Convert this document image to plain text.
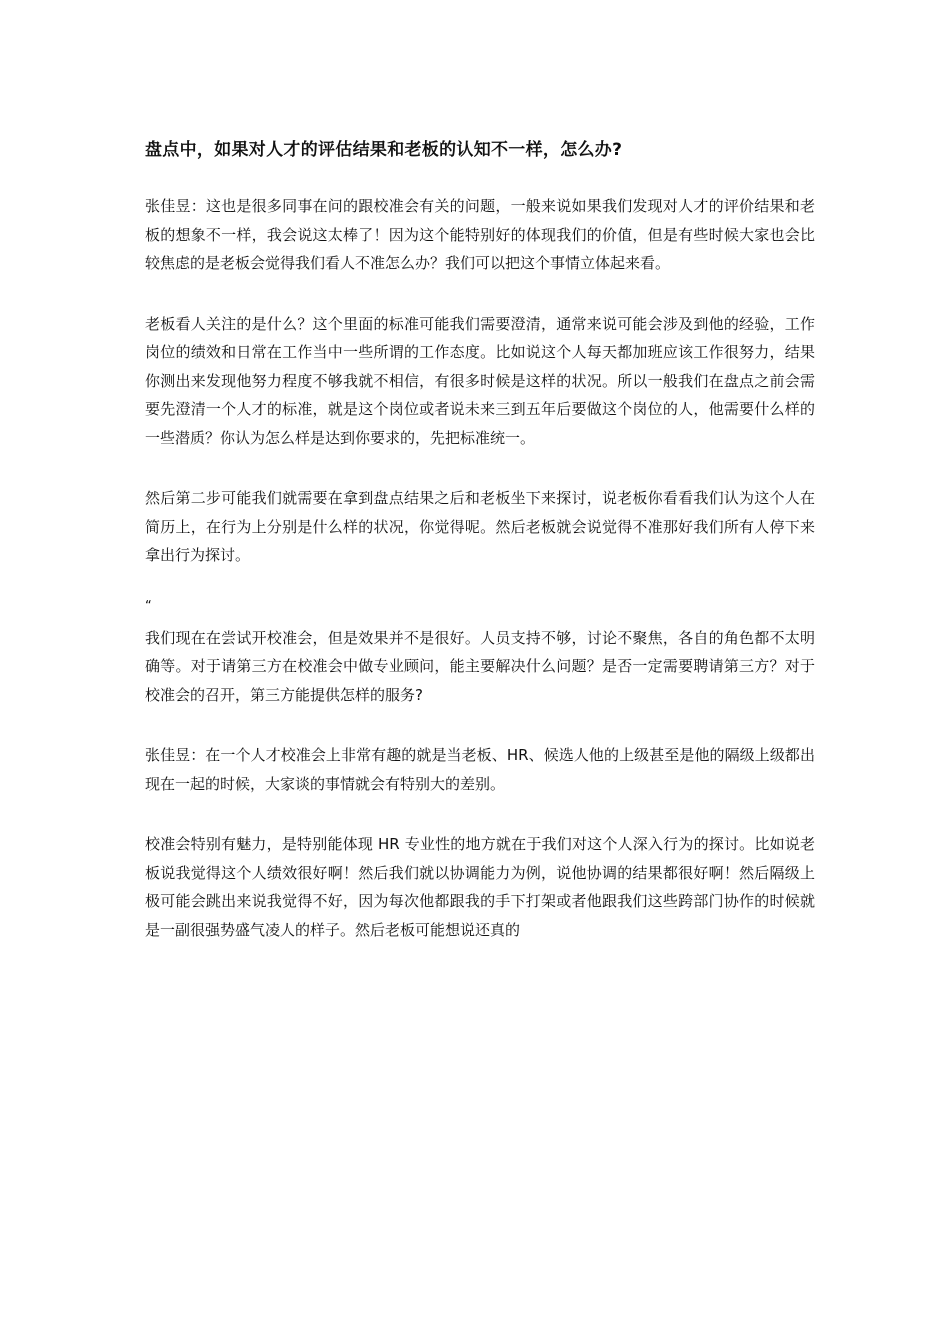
盘点中，如果对人才的评估结果和老板的认知不一样，怎么办?

张佳昱：这也是很多同事在问的跟校准会有关的问题，一般来说如果我们发现对人才的评价结果和老板的想象不一样，我会说这太棒了！因为这个能特别好的体现我们的价值，但是有些时候大家也会比较焦虑的是老板会觉得我们看人不准怎么办？我们可以把这个事情立体起来看。

老板看人关注的是什么？这个里面的标准可能我们需要澄清，通常来说可能会涉及到他的经验，工作岗位的绩效和日常在工作当中一些所谓的工作态度。比如说这个人每天都加班应该工作很努力，结果你测出来发现他努力程度不够我就不相信，有很多时候是这样的状况。所以一般我们在盘点之前会需要先澄清一个人才的标准，就是这个岗位或者说未来三到五年后要做这个岗位的人，他需要什么样的一些潜质？你认为怎么样是达到你要求的，先把标准统一。

然后第二步可能我们就需要在拿到盘点结果之后和老板坐下来探讨，说老板你看看我们认为这个人在简历上，在行为上分别是什么样的状况，你觉得呢。然后老板就会说觉得不准那好我们所有人停下来拿出行为探讨。

“

我们现在在尝试开校准会，但是效果并不是很好。人员支持不够，讨论不聚焦，各自的角色都不太明确等。对于请第三方在校准会中做专业顾问，能主要解决什么问题？是否一定需要聘请第三方？对于校准会的召开，第三方能提供怎样的服务?

张佳昱：在一个人才校准会上非常有趣的就是当老板、HR、候选人他的上级甚至是他的隔级上级都出现在一起的时候，大家谈的事情就会有特别大的差别。

校准会特别有魅力，是特别能体现 HR 专业性的地方就在于我们对这个人深入行为的探讨。比如说老板说我觉得这个人绩效很好啊！然后我们就以协调能力为例，说他协调的结果都很好啊！然后隔级上极可能会跳出来说我觉得不好，因为每次他都跟我的手下打架或者他跟我们这些跨部门协作的时候就是一副很强势盛气凌人的样子。然后老板可能想说还真的
